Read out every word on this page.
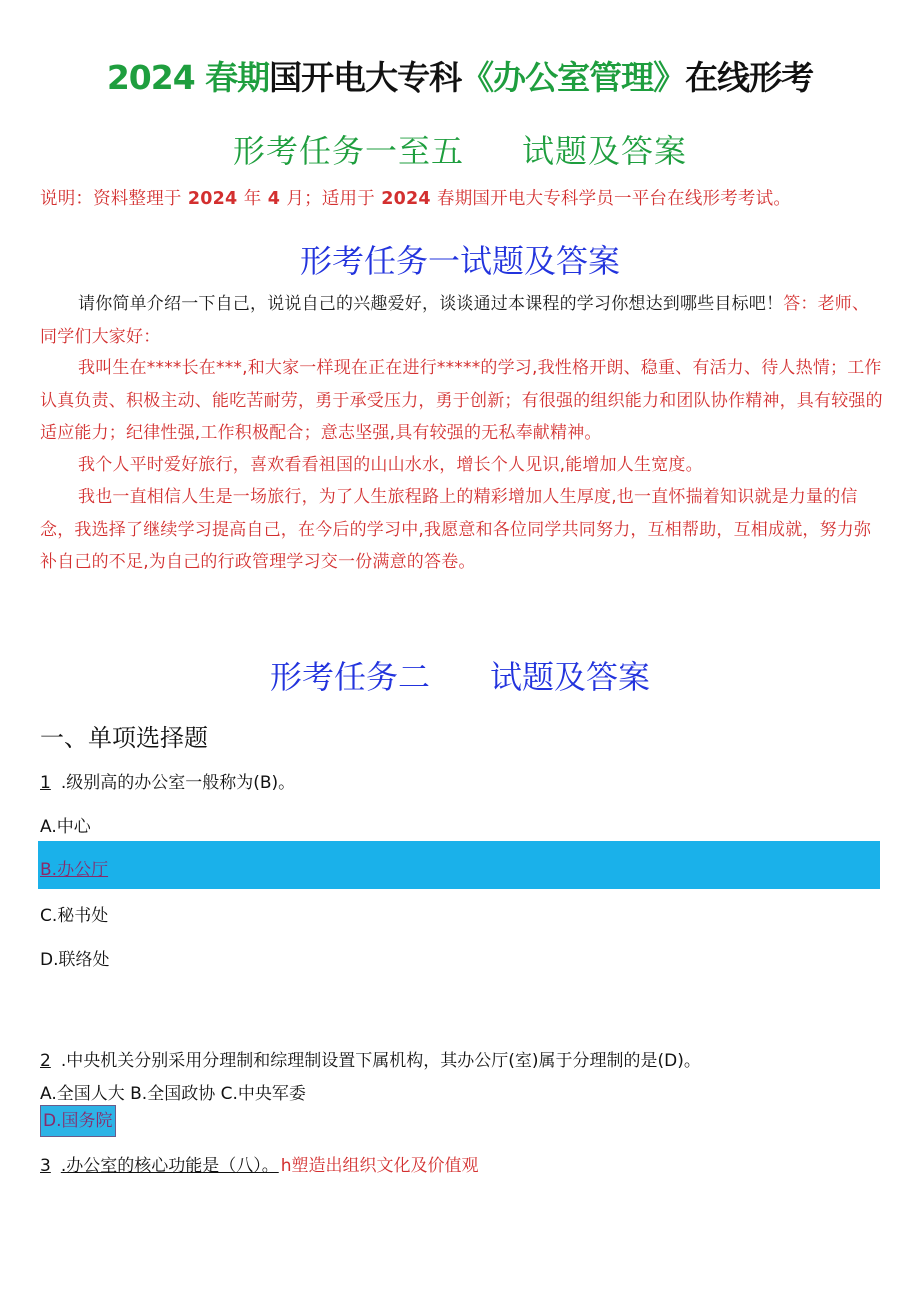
2024 春期国开电大专科《办公室管理》在线形考
形考任务一至五 试题及答案
说明：资料整理于 2024 年 4 月；适用于 2024 春期国开电大专科学员一平台在线形考考试。
形考任务一试题及答案
请你简单介绍一下自己，说说自己的兴趣爱好，谈谈通过本课程的学习你想达到哪些目标吧！答：老师、同学们大家好：
我叫生在****长在***,和大家一样现在正在进行*****的学习,我性格开朗、稳重、有活力、待人热情；工作认真负责、积极主动、能吃苦耐劳，勇于承受压力，勇于创新；有很强的组织能力和团队协作精神，具有较强的适应能力；纪律性强,工作积极配合；意志坚强,具有较强的无私奉献精神。
我个人平时爱好旅行，喜欢看看祖国的山山水水，增长个人见识,能增加人生宽度。
我也一直相信人生是一场旅行，为了人生旅程路上的精彩增加人生厚度,也一直怀揣着知识就是力量的信念，我选择了继续学习提高自己，在今后的学习中,我愿意和各位同学共同努力，互相帮助，互相成就，努力弥补自己的不足,为自己的行政管理学习交一份满意的答卷。
形考任务二 试题及答案
一、单项选择题
1 .级别高的办公室一般称为(B)。
A.中心
B.办公厅
C.秘书处
D.联络处
2 .中央机关分别采用分理制和综理制设置下属机构，其办公厅(室)属于分理制的是(D)。
A.全国人大 B.全国政协 C.中央军委
D.国务院
3 .办公室的核心功能是（八）。 h塑造出组织文化及价值观
